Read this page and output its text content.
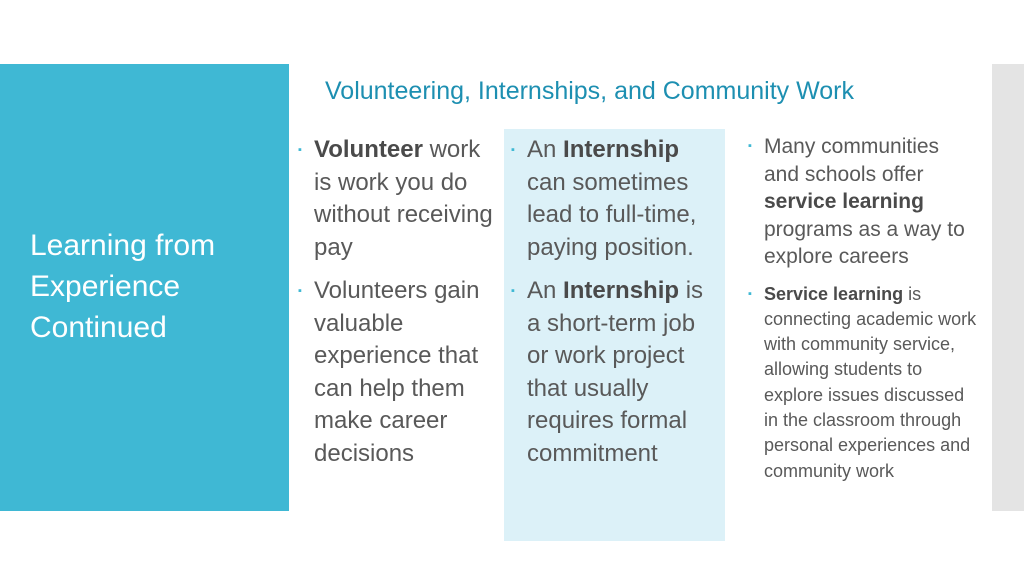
Learning from Experience Continued
Volunteering, Internships, and Community Work

▪ Volunteer work is work you do without receiving pay

▪ Volunteers gain valuable experience that can help them make career decisions

▪ An Internship can sometimes lead to full-time, paying position.

▪ An Internship is a short-term job or work project that usually requires formal commitment

▪ Many communities and schools offer service learning programs as a way to explore careers

▪ Service learning is connecting academic work with community service, allowing students to explore issues discussed in the classroom through personal experiences and community work
